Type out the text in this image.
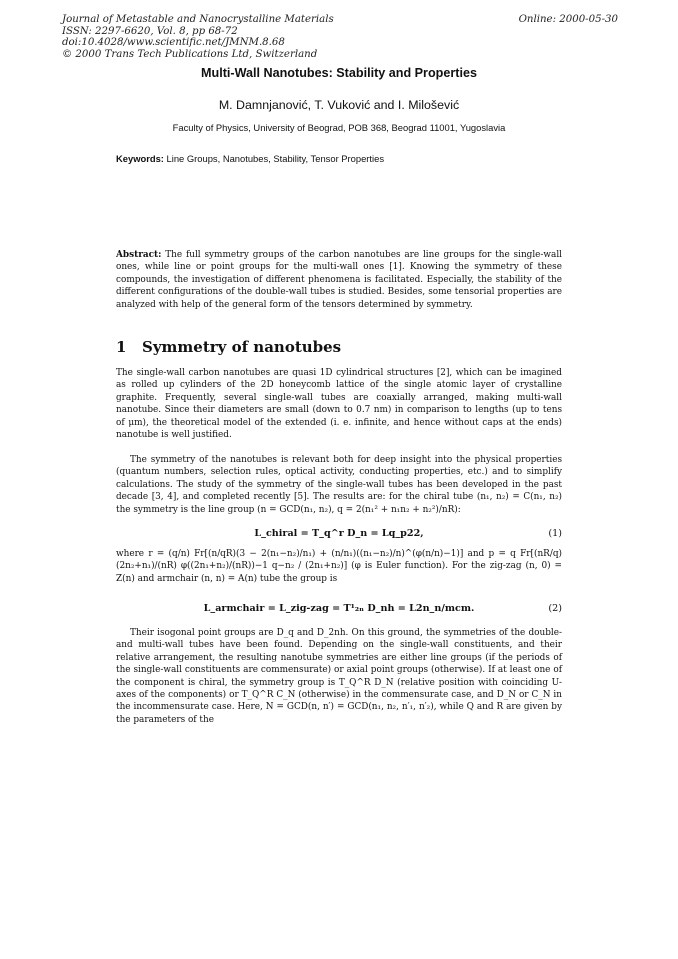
Journal of Metastable and Nanocrystalline Materials
ISSN: 2297-6620, Vol. 8, pp 68-72
doi:10.4028/www.scientific.net/JMNM.8.68
© 2000 Trans Tech Publications Ltd, Switzerland
Online: 2000-05-30
Multi-Wall Nanotubes: Stability and Properties
M. Damnjanović, T. Vuković and I. Milošević
Faculty of Physics, University of Beograd, POB 368, Beograd 11001, Yugoslavia
Keywords: Line Groups, Nanotubes, Stability, Tensor Properties
Abstract: The full symmetry groups of the carbon nanotubes are line groups for the single-wall ones, while line or point groups for the multi-wall ones [1]. Knowing the symmetry of these compounds, the investigation of different phenomena is facilitated. Especially, the stability of the different configurations of the double-wall tubes is studied. Besides, some tensorial properties are analyzed with help of the general form of the tensors determined by symmetry.
1 Symmetry of nanotubes
The single-wall carbon nanotubes are quasi 1D cylindrical structures [2], which can be imagined as rolled up cylinders of the 2D honeycomb lattice of the single atomic layer of crystalline graphite. Frequently, several single-wall tubes are coaxially arranged, making multi-wall nanotube. Since their diameters are small (down to 0.7 nm) in comparison to lengths (up to tens of μm), the theoretical model of the extended (i. e. infinite, and hence without caps at the ends) nanotube is well justified.
The symmetry of the nanotubes is relevant both for deep insight into the physical properties (quantum numbers, selection rules, optical activity, conducting properties, etc.) and to simplify calculations. The study of the symmetry of the single-wall tubes has been developed in the past decade [3, 4], and completed recently [5]. The results are: for the chiral tube (n₁, n₂) = C(n₁, n₂) the symmetry is the line group (n = GCD(n₁, n₂), q = 2(n₁² + n₁n₂ + n₂²)/nR):
L_chiral = T_q^r D_n = Lq_p22,	(1)
where r = (q/n) Fr[(n/qR)(3 − 2(n₁−n₂)/n₁) + (n/n₁)((n₁−n₂)/n)^(φ(n/n)−1)] and p = q Fr[(nR/q)(2n₂+n₁)/(nR) φ((2n₁+n₂)/(nR))−1 q−n₂ / (2n₁+n₂)] (φ is Euler function). For the zig-zag (n, 0) = Z(n) and armchair (n, n) = A(n) tube the group is
L_armchair = L_zig-zag = T¹₂ₙ D_nh = L2n_n/mcm.	(2)
Their isogonal point groups are D_q and D_2nh. On this ground, the symmetries of the double- and multi-wall tubes have been found. Depending on the single-wall constituents, and their relative arrangement, the resulting nanotube symmetries are either line groups (if the periods of the single-wall constituents are commensurate) or axial point groups (otherwise). If at least one of the component is chiral, the symmetry group is T_Q^R D_N (relative position with coinciding U-axes of the components) or T_Q^R C_N (otherwise) in the commensurate case, and D_N or C_N in the incommensurate case. Here, N = GCD(n, n′) = GCD(n₁, n₂, n′₁, n′₂), while Q and R are given by the parameters of the
